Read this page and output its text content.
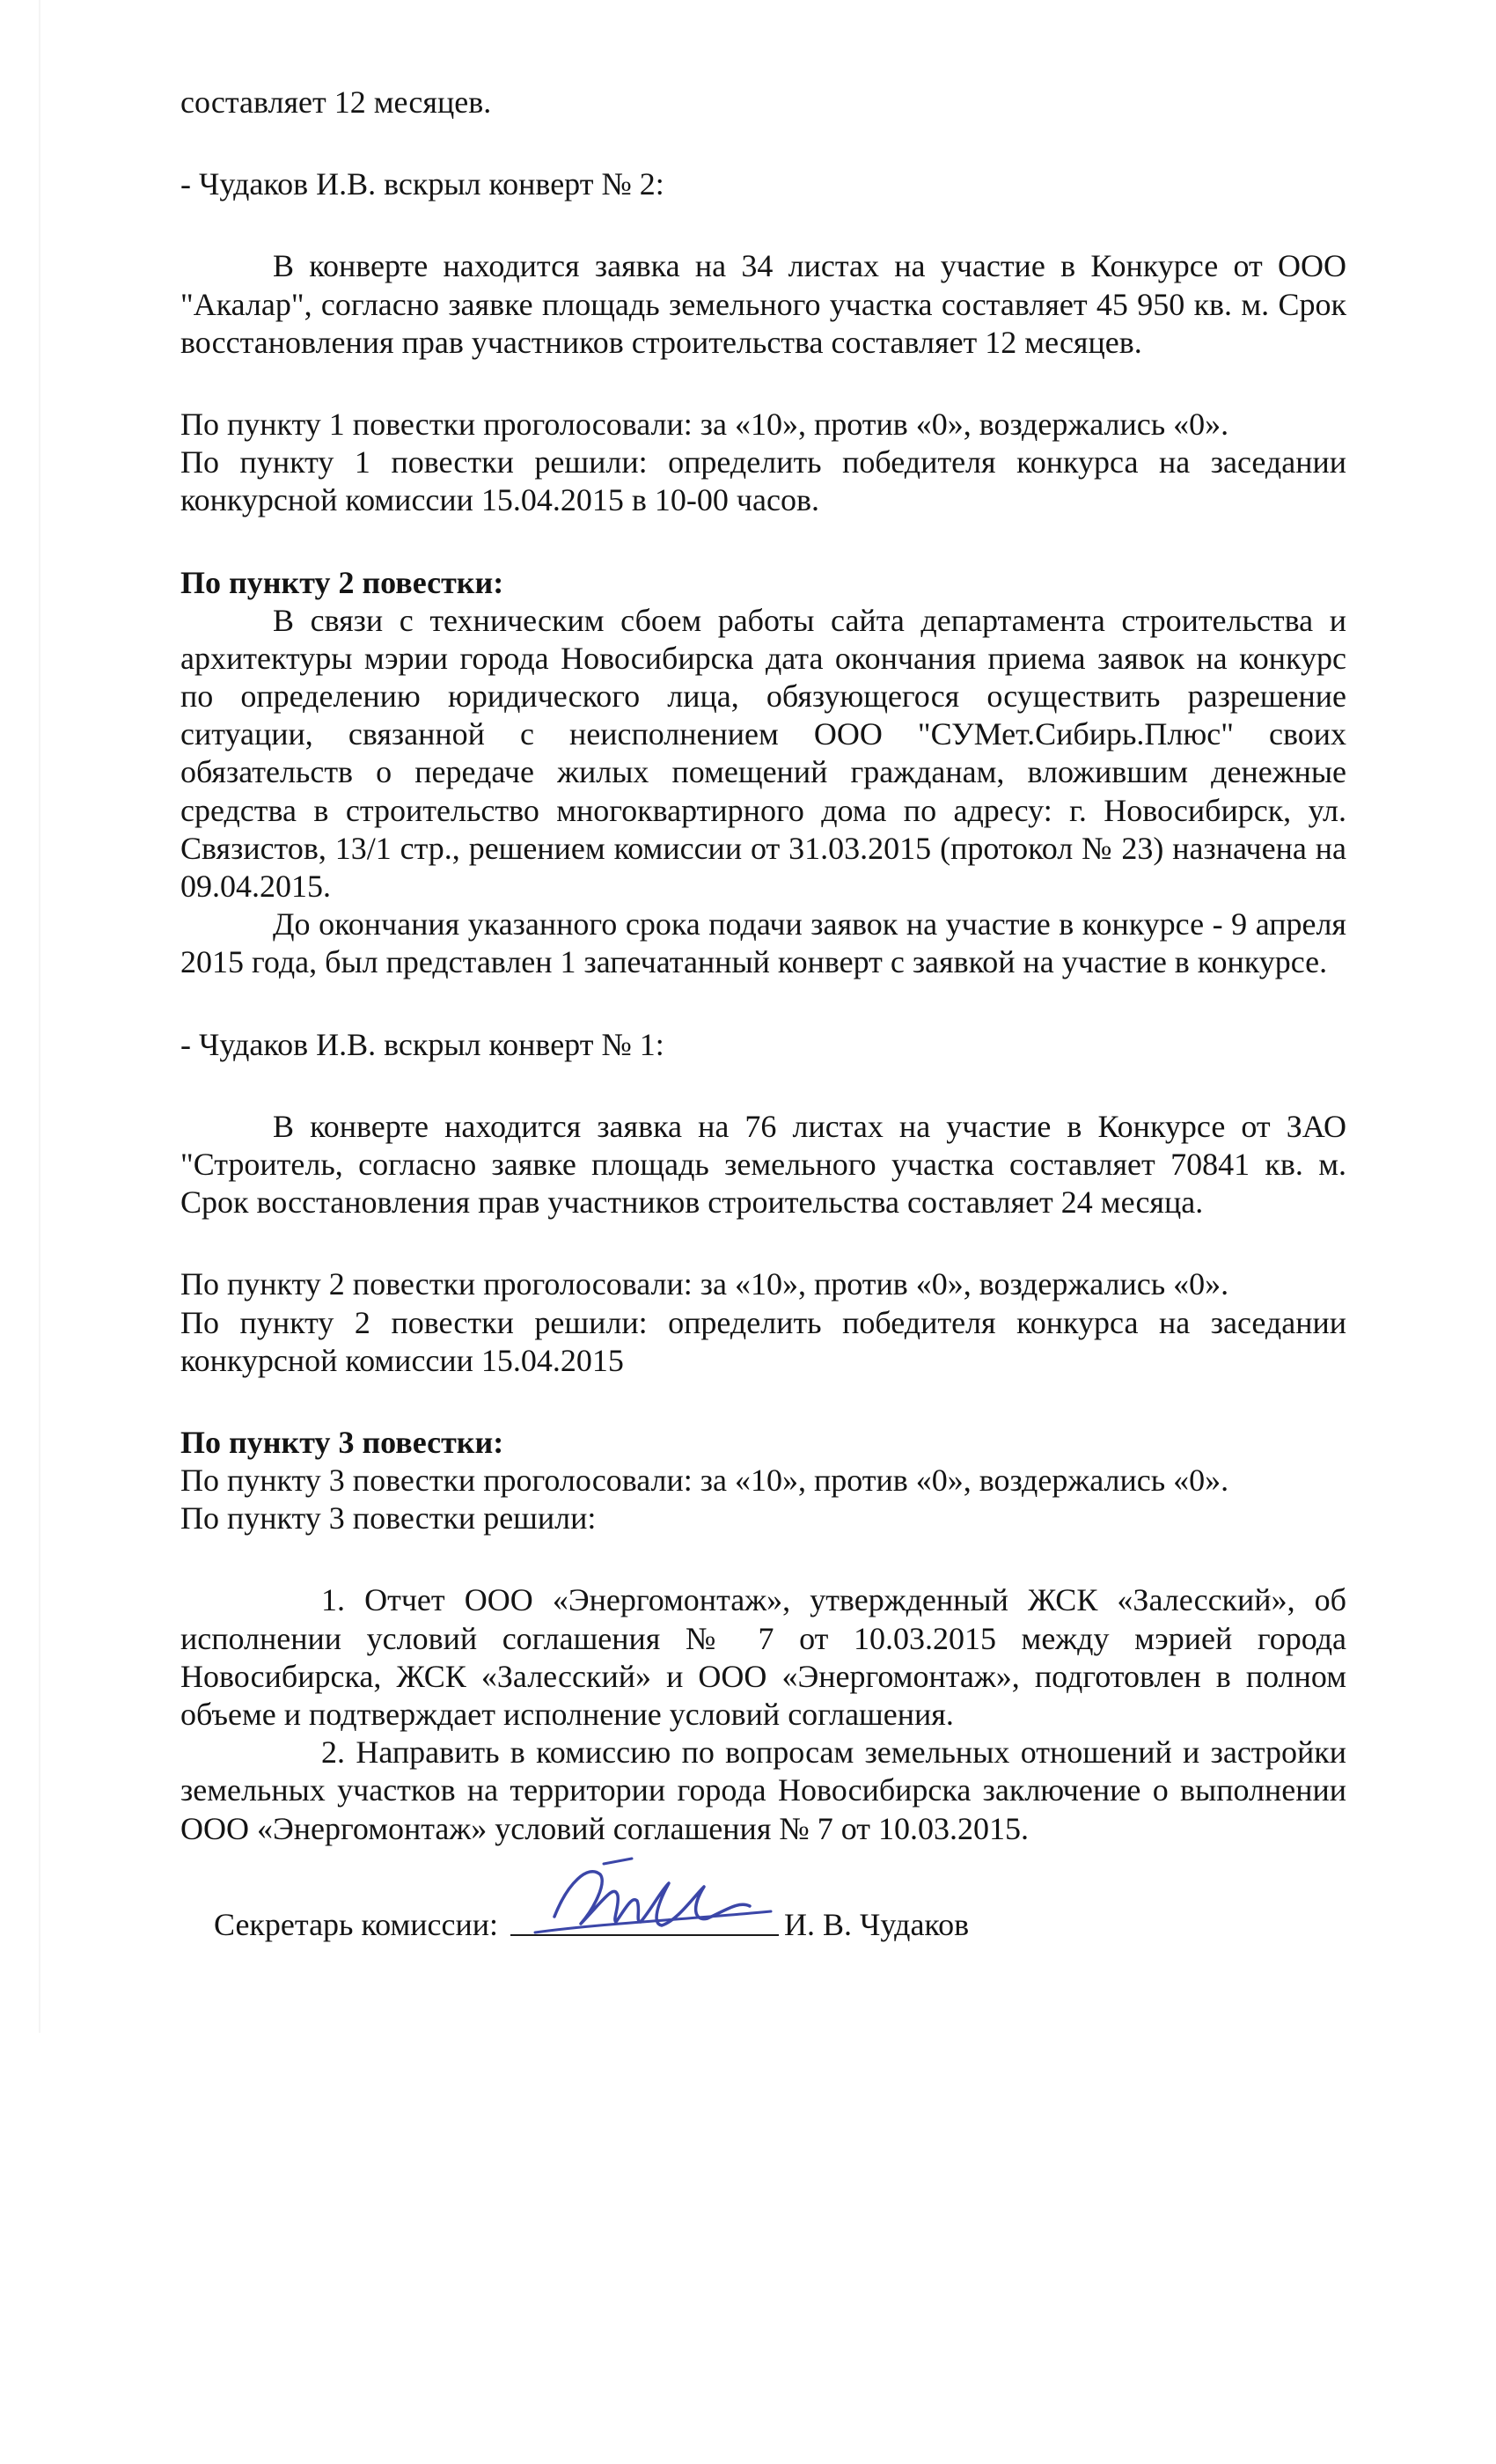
составляет 12 месяцев.

- Чудаков И.В. вскрыл конверт № 2:

В конверте находится заявка на 34 листах на участие в Конкурсе от ООО "Акалар", согласно заявке площадь земельного участка составляет 45 950 кв. м. Срок восстановления прав участников строительства составляет 12 месяцев.

По пункту 1 повестки проголосовали: за «10», против «0», воздержались «0».

По пункту 1 повестки решили: определить победителя конкурса на заседании конкурсной комиссии 15.04.2015 в 10-00 часов.

По пункту 2 повестки:

В связи с техническим сбоем работы сайта департамента строительства и архитектуры мэрии города Новосибирска дата окончания приема заявок на конкурс по определению юридического лица, обязующегося осуществить разрешение ситуации, связанной с неисполнением ООО "СУМет.Сибирь.Плюс" своих обязательств о передаче жилых помещений гражданам, вложившим денежные средства в строительство многоквартирного дома по адресу: г. Новосибирск, ул. Связистов, 13/1 стр., решением комиссии от 31.03.2015 (протокол № 23) назначена на 09.04.2015.

До окончания указанного срока подачи заявок на участие в конкурсе - 9 апреля 2015 года, был представлен 1 запечатанный конверт с заявкой на участие в конкурсе.

- Чудаков И.В. вскрыл конверт № 1:

В конверте находится заявка на 76 листах на участие в Конкурсе от ЗАО "Строитель, согласно заявке площадь земельного участка составляет 70841 кв. м. Срок восстановления прав участников строительства составляет 24 месяца.

По пункту 2 повестки проголосовали: за «10», против «0», воздержались «0».

По пункту 2 повестки решили: определить победителя конкурса на заседании конкурсной комиссии 15.04.2015

По пункту 3 повестки:

По пункту 3 повестки проголосовали: за «10», против «0», воздержались «0».

По пункту 3 повестки решили:

1. Отчет ООО «Энергомонтаж», утвержденный ЖСК «Залесский», об исполнении условий соглашения № 7 от 10.03.2015 между мэрией города Новосибирска, ЖСК «Залесский» и ООО «Энергомонтаж», подготовлен в полном объеме и подтверждает исполнение условий соглашения.

2. Направить в комиссию по вопросам земельных отношений и застройки земельных участков на территории города Новосибирска заключение о выполнении ООО «Энергомонтаж» условий соглашения № 7 от 10.03.2015.

Секретарь комиссии:	И. В. Чудаков
